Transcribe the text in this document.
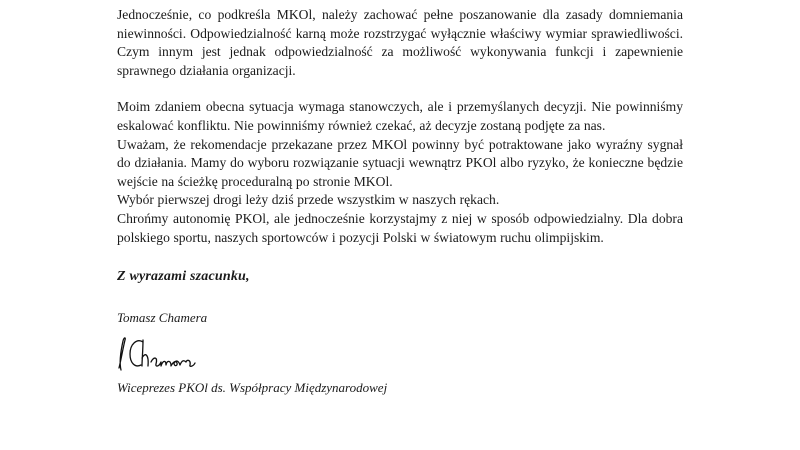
Jednocześnie, co podkreśla MKOl, należy zachować pełne poszanowanie dla zasady domniemania niewinności. Odpowiedzialność karną może rozstrzygać wyłącznie właściwy wymiar sprawiedliwości. Czym innym jest jednak odpowiedzialność za możliwość wykonywania funkcji i zapewnienie sprawnego działania organizacji.

Moim zdaniem obecna sytuacja wymaga stanowczych, ale i przemyślanych decyzji. Nie powinniśmy eskalować konfliktu. Nie powinniśmy również czekać, aż decyzje zostaną podjęte za nas.

Uważam, że rekomendacje przekazane przez MKOl powinny być potraktowane jako wyraźny sygnał do działania. Mamy do wyboru rozwiązanie sytuacji wewnątrz PKOl albo ryzyko, że konieczne będzie wejście na ścieżkę proceduralną po stronie MKOl.

Wybór pierwszej drogi leży dziś przede wszystkim w naszych rękach.

Chrońmy autonomię PKOl, ale jednocześnie korzystajmy z niej w sposób odpowiedzialny. Dla dobra polskiego sportu, naszych sportowców i pozycji Polski w światowym ruchu olimpijskim.

Z wyrazami szacunku,

Tomasz Chamera

Wiceprezes PKOl ds. Współpracy Międzynarodowej
